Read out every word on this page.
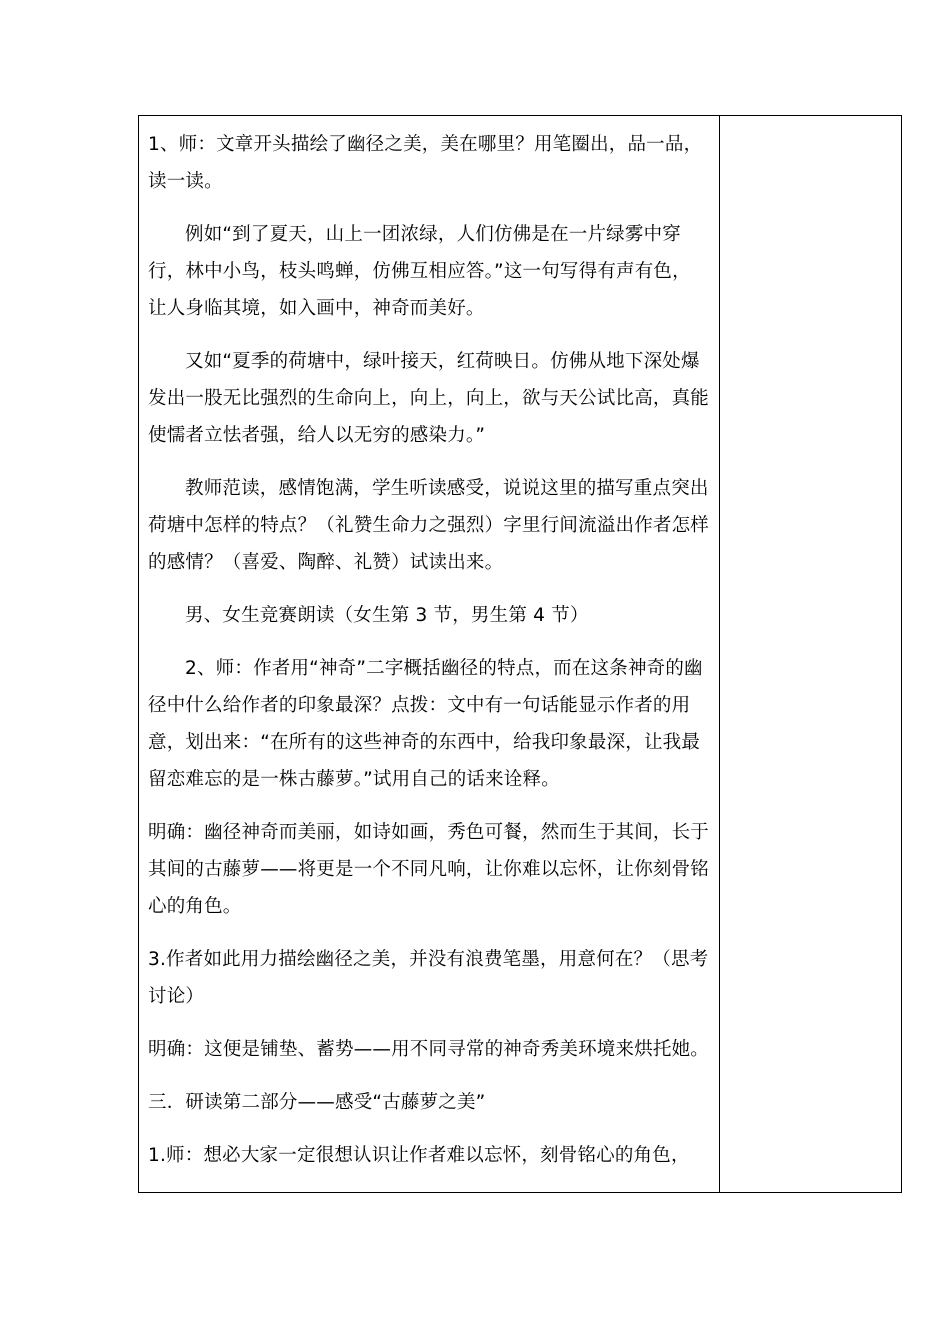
1、师：文章开头描绘了幽径之美，美在哪里？用笔圈出，品一品，读一读。

例如“到了夏天，山上一团浓绿，人们仿佛是在一片绿雾中穿行，林中小鸟，枝头鸣蝉，仿佛互相应答。”这一句写得有声有色，让人身临其境，如入画中，神奇而美好。

又如“夏季的荷塘中，绿叶接天，红荷映日。仿佛从地下深处爆发出一股无比强烈的生命向上，向上，向上，欲与天公试比高，真能使懦者立怯者强，给人以无穷的感染力。”

教师范读，感情饱满，学生听读感受，说说这里的描写重点突出荷塘中怎样的特点？（礼赞生命力之强烈）字里行间流溢出作者怎样的感情？（喜爱、陶醉、礼赞）试读出来。

男、女生竞赛朗读（女生第 3 节，男生第 4 节）

2、师：作者用“神奇”二字概括幽径的特点，而在这条神奇的幽径中什么给作者的印象最深？点拨：文中有一句话能显示作者的用意，划出来：“在所有的这些神奇的东西中，给我印象最深，让我最留恋难忘的是一株古藤萝。”试用自己的话来诠释。

明确：幽径神奇而美丽，如诗如画，秀色可餐，然而生于其间，长于其间的古藤萝——将更是一个不同凡响，让你难以忘怀，让你刻骨铭心的角色。

3.作者如此用力描绘幽径之美，并没有浪费笔墨，用意何在？（思考讨论）

明确：这便是铺垫、蓄势——用不同寻常的神奇秀美环境来烘托她。

三．研读第二部分——感受“古藤萝之美”

1.师：想必大家一定很想认识让作者难以忘怀，刻骨铭心的角色，
